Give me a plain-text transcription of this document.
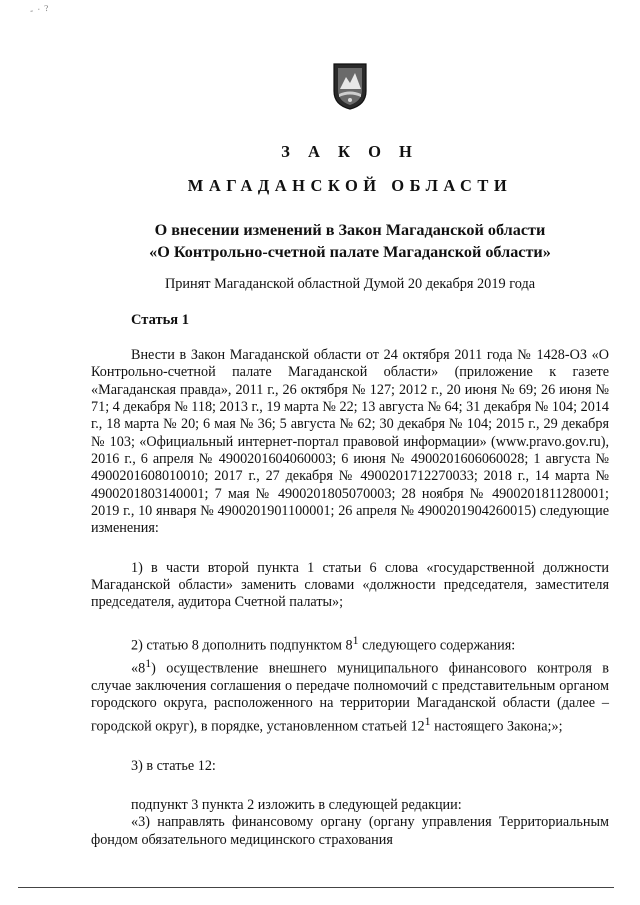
- · ?
З А К О Н
МАГАДАНСКОЙ ОБЛАСТИ
О внесении изменений в Закон Магаданской области
«О Контрольно-счетной палате Магаданской области»
Принят Магаданской областной Думой 20 декабря 2019 года
Статья 1

Внести в Закон Магаданской области от 24 октября 2011 года № 1428-ОЗ «О Контрольно-счетной палате Магаданской области» (приложение к газете «Магаданская правда», 2011 г., 26 октября № 127; 2012 г., 20 июня № 69; 26 июня № 71; 4 декабря № 118; 2013 г., 19 марта № 22; 13 августа № 64; 31 декабря № 104; 2014 г., 18 марта № 20; 6 мая № 36; 5 августа № 62; 30 декабря № 104; 2015 г., 29 декабря № 103; «Официальный интернет-портал правовой информации» (www.pravo.gov.ru), 2016 г., 6 апреля № 4900201604060003; 6 июня № 4900201606060028; 1 августа № 4900201608010010; 2017 г., 27 декабря № 4900201712270033; 2018 г., 14 марта № 4900201803140001; 7 мая № 4900201805070003; 28 ноября № 4900201811280001; 2019 г., 10 января № 4900201901100001; 26 апреля № 4900201904260015) следующие изменения:

1) в части второй пункта 1 статьи 6 слова «государственной должности Магаданской области» заменить словами «должности председателя, заместителя председателя, аудитора Счетной палаты»;

2) статью 8 дополнить подпунктом $8^1$ следующего содержания:

«$8^1$) осуществление внешнего муниципального финансового контроля в случае заключения соглашения о передаче полномочий с представительным органом городского округа, расположенного на территории Магаданской области (далее – городской округ), в порядке, установленном статьей $12^1$ настоящего Закона;»;

3) в статье 12:

подпункт 3 пункта 2 изложить в следующей редакции:

«3) направлять финансовому органу (органу управления Территориальным фондом обязательного медицинского страхования
